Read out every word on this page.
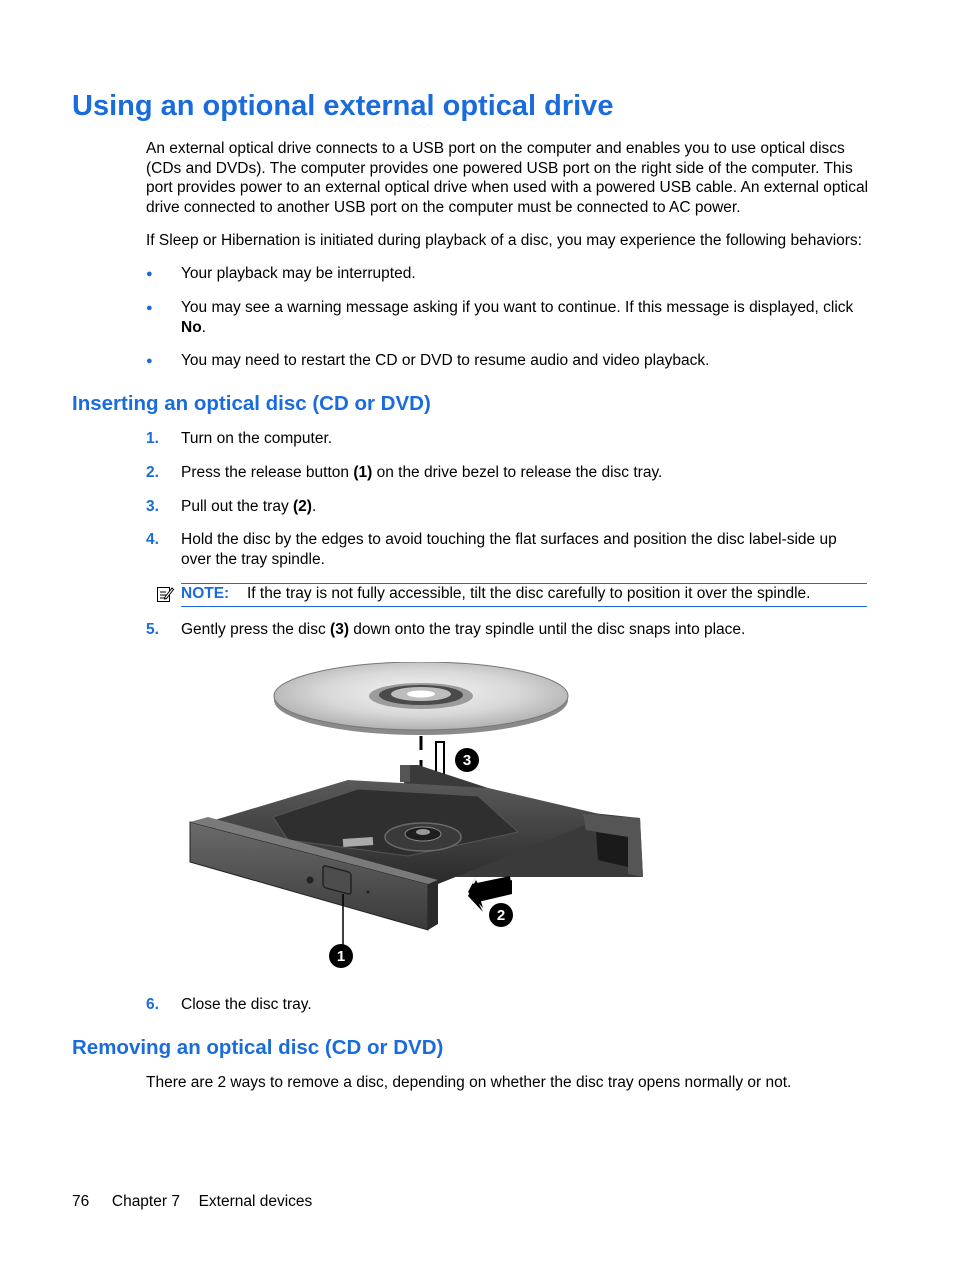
Using an optional external optical drive

An external optical drive connects to a USB port on the computer and enables you to use optical discs (CDs and DVDs). The computer provides one powered USB port on the right side of the computer. This port provides power to an external optical drive when used with a powered USB cable. An external optical drive connected to another USB port on the computer must be connected to AC power.

If Sleep or Hibernation is initiated during playback of a disc, you may experience the following behaviors:

●	Your playback may be interrupted.
●	You may see a warning message asking if you want to continue. If this message is displayed, click No.
●	You may need to restart the CD or DVD to resume audio and video playback.
Inserting an optical disc (CD or DVD)
1.	Turn on the computer.
2.	Press the release button (1) on the drive bezel to release the disc tray.
3.	Pull out the tray (2).
4.	Hold the disc by the edges to avoid touching the flat surfaces and position the disc label-side up over the tray spindle.
NOTE: If the tray is not fully accessible, tilt the disc carefully to position it over the spindle.
5.	Gently press the disc (3) down onto the tray spindle until the disc snaps into place.
3
2
1
6.	Close the disc tray.
Removing an optical disc (CD or DVD)

There are 2 ways to remove a disc, depending on whether the disc tray opens normally or not.

76 Chapter 7 External devices
